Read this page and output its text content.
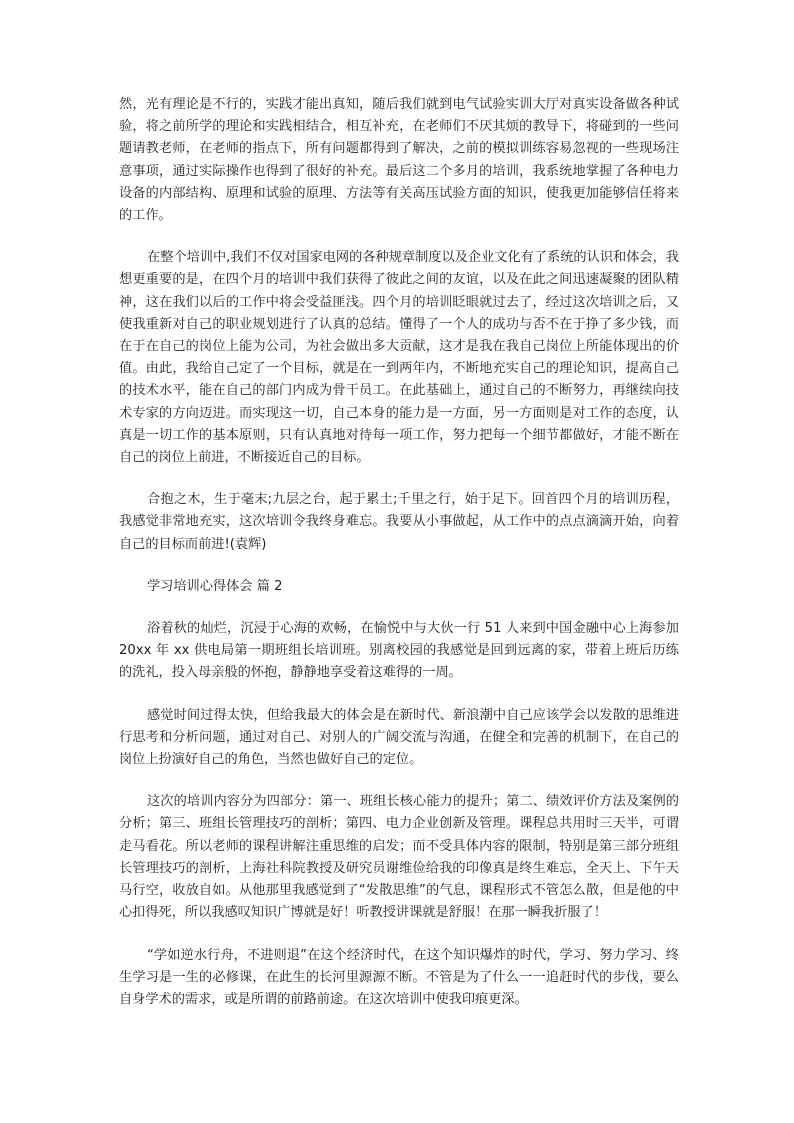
然，光有理论是不行的，实践才能出真知，随后我们就到电气试验实训大厅对真实设备做各种试验，将之前所学的理论和实践相结合，相互补充，在老师们不厌其烦的教导下，将碰到的一些问题请教老师，在老师的指点下，所有问题都得到了解决，之前的模拟训练容易忽视的一些现场注意事项，通过实际操作也得到了很好的补充。最后这二个多月的培训，我系统地掌握了各种电力设备的内部结构、原理和试验的原理、方法等有关高压试验方面的知识，使我更加能够信任将来的工作。

在整个培训中,我们不仅对国家电网的各种规章制度以及企业文化有了系统的认识和体会，我想更重要的是，在四个月的培训中我们获得了彼此之间的友谊，以及在此之间迅速凝聚的团队精神，这在我们以后的工作中将会受益匪浅。四个月的培训眨眼就过去了，经过这次培训之后，又使我重新对自己的职业规划进行了认真的总结。懂得了一个人的成功与否不在于挣了多少钱，而在于在自己的岗位上能为公司，为社会做出多大贡献，这才是我在我自己岗位上所能体现出的价值。由此，我给自己定了一个目标，就是在一到两年内，不断地充实自己的理论知识，提高自己的技术水平，能在自己的部门内成为骨干员工。在此基础上，通过自己的不断努力，再继续向技术专家的方向迈进。而实现这一切，自己本身的能力是一方面，另一方面则是对工作的态度，认真是一切工作的基本原则，只有认真地对待每一项工作，努力把每一个细节都做好，才能不断在自己的岗位上前进，不断接近自己的目标。

合抱之木，生于毫末;九层之台，起于累土;千里之行，始于足下。回首四个月的培训历程，我感觉非常地充实，这次培训令我终身难忘。我要从小事做起，从工作中的点点滴滴开始，向着自己的目标而前进!(袁辉)

学习培训心得体会 篇 2

浴着秋的灿烂，沉浸于心海的欢畅，在愉悦中与大伙一行 51 人来到中国金融中心上海参加 20xx 年 xx 供电局第一期班组长培训班。别离校园的我感觉是回到远离的家，带着上班后历练的洗礼，投入母亲般的怀抱，静静地享受着这难得的一周。

感觉时间过得太快，但给我最大的体会是在新时代、新浪潮中自己应该学会以发散的思维进行思考和分析问题，通过对自己、对别人的广阔交流与沟通，在健全和完善的机制下，在自己的岗位上扮演好自己的角色，当然也做好自己的定位。

这次的培训内容分为四部分：第一、班组长核心能力的提升；第二、绩效评价方法及案例的分析；第三、班组长管理技巧的剖析；第四、电力企业创新及管理。课程总共用时三天半，可谓走马看花。所以老师的课程讲解注重思维的启发；而不受具体内容的限制，特别是第三部分班组长管理技巧的剖析，上海社科院教授及研究员谢维俭给我的印像真是终生难忘，全天上、下午天马行空，收放自如。从他那里我感觉到了“发散思维”的气息，课程形式不管怎么散，但是他的中心扣得死，所以我感叹知识广博就是好！听教授讲课就是舒服！在那一瞬我折服了！

“学如逆水行舟，不进则退”在这个经济时代，在这个知识爆炸的时代，学习、努力学习、终生学习是一生的必修课，在此生的长河里源源不断。不管是为了什么一一追赶时代的步伐，要么自身学术的需求，或是所谓的前路前途。在这次培训中使我印痕更深。
